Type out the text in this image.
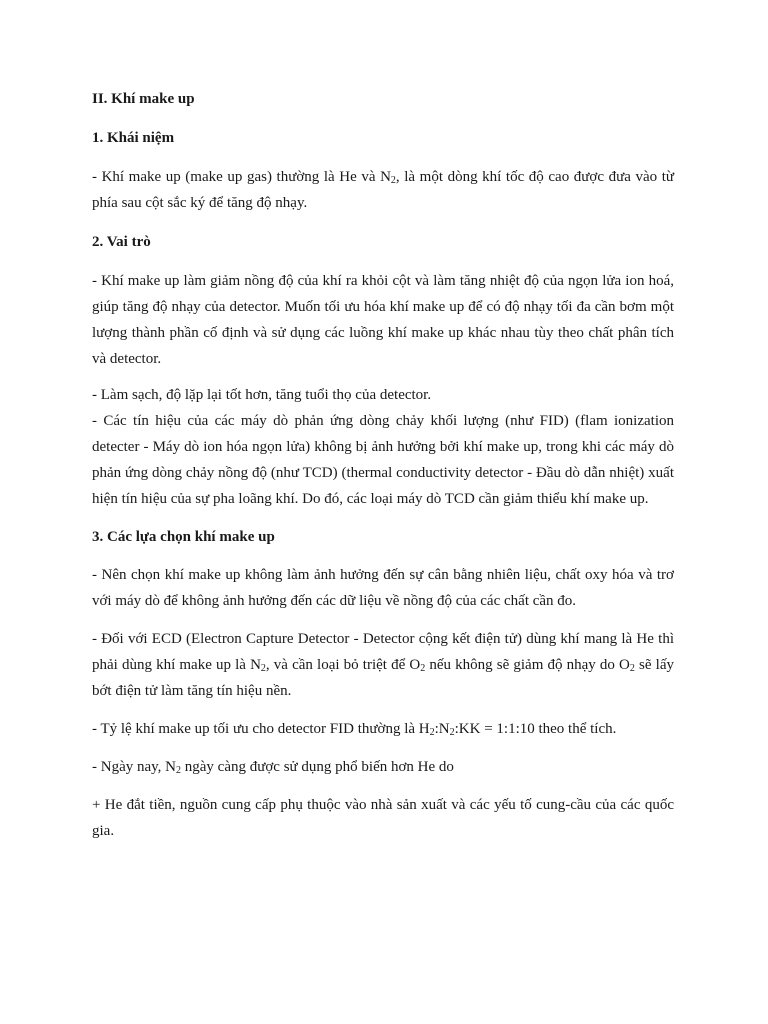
II. Khí make up
1. Khái niệm

- Khí make up (make up gas) thường là He và $N_2$, là một dòng khí tốc độ cao được đưa vào từ phía sau cột sắc ký để tăng độ nhạy.

2. Vai trò

- Khí make up làm giảm nồng độ của khí ra khỏi cột và làm tăng nhiệt độ của ngọn lửa ion hoá, giúp tăng độ nhạy của detector. Muốn tối ưu hóa khí make up để có độ nhạy tối đa cần bơm một lượng thành phần cố định và sử dụng các luồng khí make up khác nhau tùy theo chất phân tích và detector.

- Làm sạch, độ lặp lại tốt hơn, tăng tuổi thọ của detector.

- Các tín hiệu của các máy dò phản ứng dòng chảy khối lượng (như FID) (flam ionization detecter - Máy dò ion hóa ngọn lửa) không bị ảnh hưởng bởi khí make up, trong khi các máy dò phản ứng dòng chảy nồng độ (như TCD) (thermal conductivity detector - Đầu dò dẫn nhiệt) xuất hiện tín hiệu của sự pha loãng khí. Do đó, các loại máy dò TCD cần giảm thiểu khí make up.

3. Các lựa chọn khí make up

- Nên chọn khí make up không làm ảnh hưởng đến sự cân bằng nhiên liệu, chất oxy hóa và trơ với máy dò để không ảnh hưởng đến các dữ liệu về nồng độ của các chất cần đo.

- Đối với ECD (Electron Capture Detector - Detector cộng kết điện tử) dùng khí mang là He thì phải dùng khí make up là $N_2$, và cần loại bỏ triệt để $O_2$ nếu không sẽ giảm độ nhạy do $O_2$ sẽ lấy bớt điện tử làm tăng tín hiệu nền.

- Tỷ lệ khí make up tối ưu cho detector FID thường là $H_2:N_2:KK$ = 1:1:10 theo thể tích.

- Ngày nay, $N_2$ ngày càng được sử dụng phổ biến hơn He do

+ He đắt tiền, nguồn cung cấp phụ thuộc vào nhà sản xuất và các yếu tố cung-cầu của các quốc gia.
